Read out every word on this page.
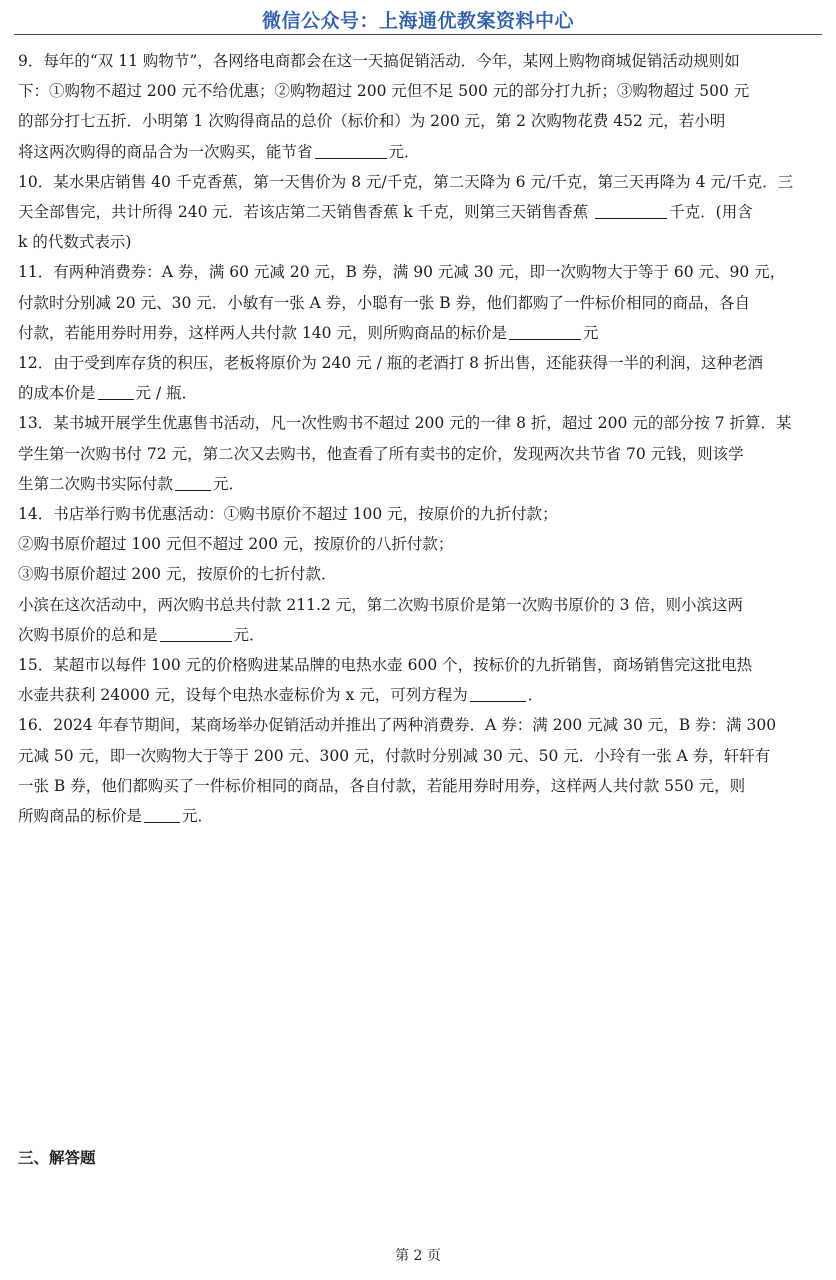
微信公众号：上海通优教案资料中心
9．每年的“双 11 购物节”，各网络电商都会在这一天搞促销活动．今年，某网上购物商城促销活动规则如
下：①购物不超过 200 元不给优惠；②购物超过 200 元但不足 500 元的部分打九折；③购物超过 500 元
的部分打七五折．小明第 1 次购得商品的总价（标价和）为 200 元，第 2 次购物花费 452 元，若小明
将这两次购得的商品合为一次购买，能节省	元．
10．某水果店销售 40 千克香蕉，第一天售价为 8 元/千克，第二天降为 6 元/千克，第三天再降为 4 元/千克．三
天全部售完，共计所得 240 元．若该店第二天销售香蕉 k 千克，则第三天销售香蕉	千克．(用含
k 的代数式表示)
11．有两种消费券：A 券，满 60 元减 20 元，B 券，满 90 元减 30 元，即一次购物大于等于 60 元、90 元，
付款时分别减 20 元、30 元．小敏有一张 A 券，小聪有一张 B 券，他们都购了一件标价相同的商品，各自
付款，若能用券时用券，这样两人共付款 140 元，则所购商品的标价是	元
12．由于受到库存货的积压，老板将原价为 240 元 / 瓶的老酒打 8 折出售，还能获得一半的利润，这种老酒
的成本价是	元 / 瓶．
13．某书城开展学生优惠售书活动，凡一次性购书不超过 200 元的一律 8 折，超过 200 元的部分按 7 折算．某
学生第一次购书付 72 元，第二次又去购书，他查看了所有卖书的定价，发现两次共节省 70 元钱，则该学
生第二次购书实际付款	元．
14．书店举行购书优惠活动：①购书原价不超过 100 元，按原价的九折付款；
②购书原价超过 100 元但不超过 200 元，按原价的八折付款；
③购书原价超过 200 元，按原价的七折付款．
小滨在这次活动中，两次购书总共付款 211.2 元，第二次购书原价是第一次购书原价的 3 倍，则小滨这两
次购书原价的总和是	元．
15．某超市以每件 100 元的价格购进某品牌的电热水壶 600 个，按标价的九折销售，商场销售完这批电热
水壶共获利 24000 元，设每个电热水壶标价为 x 元，可列方程为	．
16．2024 年春节期间，某商场举办促销活动并推出了两种消费券．A 券：满 200 元减 30 元，B 券：满 300
元减 50 元，即一次购物大于等于 200 元、300 元，付款时分别减 30 元、50 元．小玲有一张 A 券，轩轩有
一张 B 券，他们都购买了一件标价相同的商品，各自付款，若能用券时用券，这样两人共付款 550 元，则
所购商品的标价是	元．
三、解答题
第 2 页
